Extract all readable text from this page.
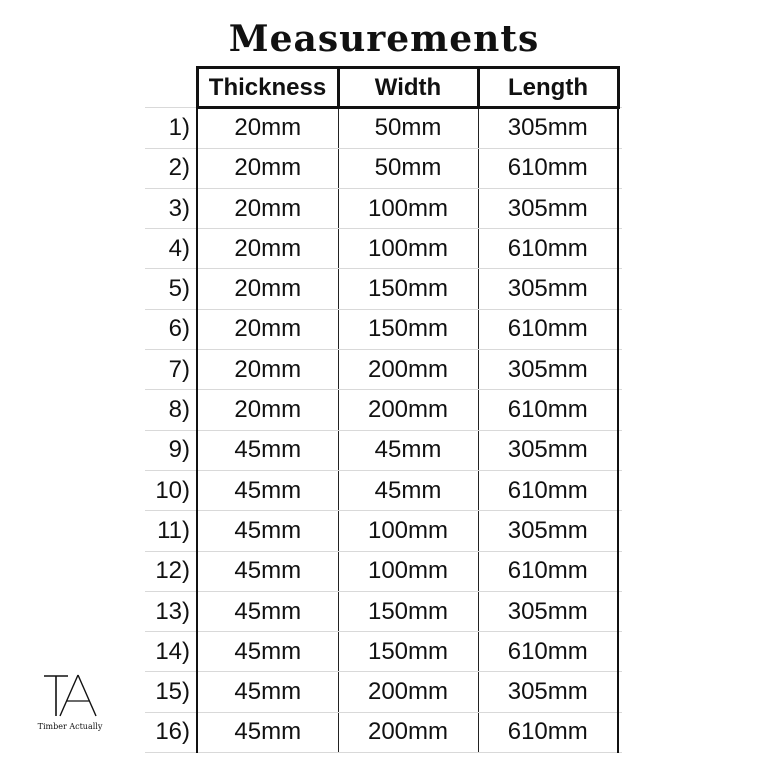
Measurements
	Thickness	Width	Length	
1)	20mm	50mm	305mm	
2)	20mm	50mm	610mm	
3)	20mm	100mm	305mm	
4)	20mm	100mm	610mm	
5)	20mm	150mm	305mm	
6)	20mm	150mm	610mm	
7)	20mm	200mm	305mm	
8)	20mm	200mm	610mm	
9)	45mm	45mm	305mm	
10)	45mm	45mm	610mm	
11)	45mm	100mm	305mm	
12)	45mm	100mm	610mm	
13)	45mm	150mm	305mm	
14)	45mm	150mm	610mm	
15)	45mm	200mm	305mm	
16)	45mm	200mm	610mm	
Timber Actually
